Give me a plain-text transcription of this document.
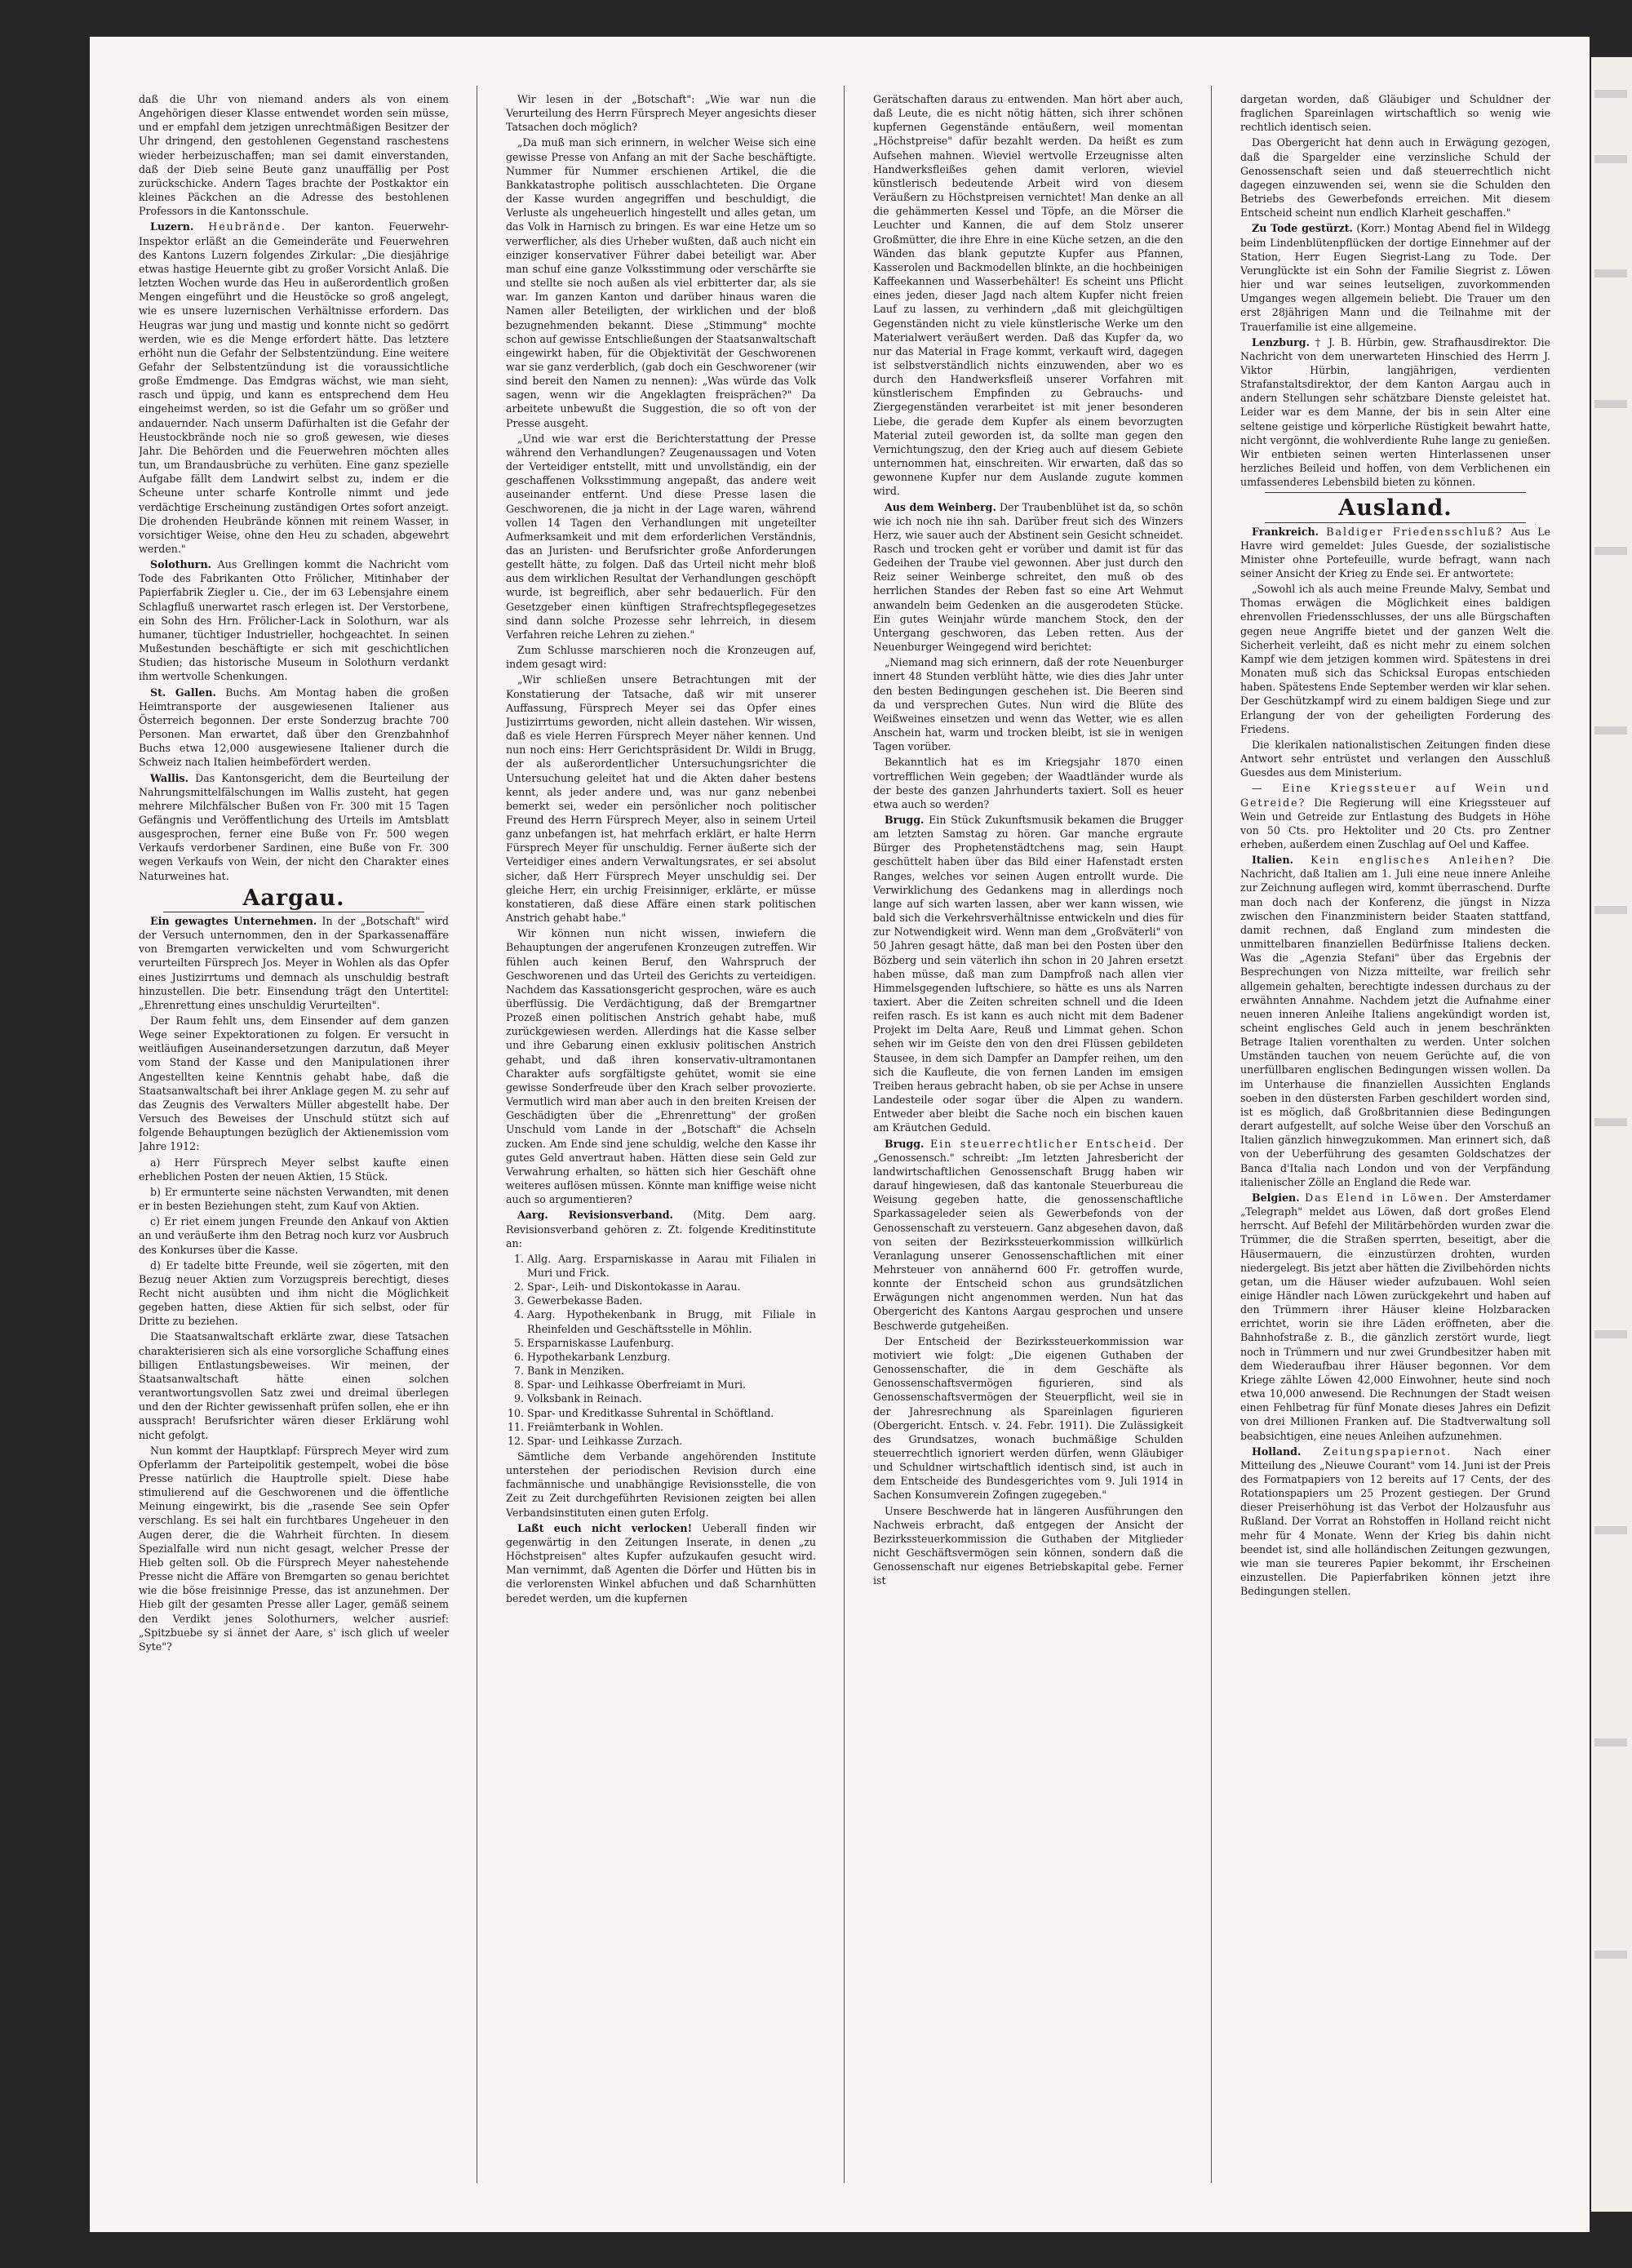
daß die Uhr von niemand anders als von einem Angehörigen dieser Klasse entwendet worden sein müsse, und er empfahl dem jetzigen unrechtmäßigen Besitzer der Uhr dringend, den gestohlenen Gegenstand raschestens wieder herbeizuschaffen; man sei damit einverstanden, daß der Dieb seine Beute ganz unauffällig per Post zurückschicke. Andern Tages brachte der Postkaktor ein kleines Päckchen an die Adresse des bestohlenen Professors in die Kantonsschule.

Luzern. Heubrände. Der kanton. Feuerwehr-Inspektor erläßt an die Gemeinderäte und Feuerwehren des Kantons Luzern folgendes Zirkular: „Die diesjährige etwas hastige Heuernte gibt zu großer Vorsicht Anlaß. Die letzten Wochen wurde das Heu in außerordentlich großen Mengen eingeführt und die Heustöcke so groß angelegt, wie es unsere luzernischen Verhältnisse erfordern. Das Heugras war jung und mastig und konnte nicht so gedörrt werden, wie es die Menge erfordert hätte. Das letztere erhöht nun die Gefahr der Selbstentzündung. Eine weitere Gefahr der Selbstentzündung ist die voraussichtliche große Emdmenge. Das Emdgras wächst, wie man sieht, rasch und üppig, und kann es entsprechend dem Heu eingeheimst werden, so ist die Gefahr um so größer und andauernder. Nach unserm Dafürhalten ist die Gefahr der Heustockbrände noch nie so groß gewesen, wie dieses Jahr. Die Behörden und die Feuerwehren möchten alles tun, um Brandausbrüche zu verhüten. Eine ganz spezielle Aufgabe fällt dem Landwirt selbst zu, indem er die Scheune unter scharfe Kontrolle nimmt und jede verdächtige Erscheinung zuständigen Ortes sofort anzeigt. Die drohenden Heubrände können mit reinem Wasser, in vorsichtiger Weise, ohne den Heu zu schaden, abgewehrt werden."

Solothurn. Aus Grellingen kommt die Nachricht vom Tode des Fabrikanten Otto Frölicher, Mitinhaber der Papierfabrik Ziegler u. Cie., der im 63 Lebensjahre einem Schlagfluß unerwartet rasch erlegen ist. Der Verstorbene, ein Sohn des Hrn. Frölicher-Lack in Solothurn, war als humaner, tüchtiger Industrieller, hochgeachtet. In seinen Mußestunden beschäftigte er sich mit geschichtlichen Studien; das historische Museum in Solothurn verdankt ihm wertvolle Schenkungen.

St. Gallen. Buchs. Am Montag haben die großen Heimtransporte der ausgewiesenen Italiener aus Österreich begonnen. Der erste Sonderzug brachte 700 Personen. Man erwartet, daß über den Grenzbahnhof Buchs etwa 12,000 ausgewiesene Italiener durch die Schweiz nach Italien heimbefördert werden.

Wallis. Das Kantonsgericht, dem die Beurteilung der Nahrungsmittelfälschungen im Wallis zusteht, hat gegen mehrere Milchfälscher Bußen von Fr. 300 mit 15 Tagen Gefängnis und Veröffentlichung des Urteils im Amtsblatt ausgesprochen, ferner eine Buße von Fr. 500 wegen Verkaufs verdorbener Sardinen, eine Buße von Fr. 300 wegen Verkaufs von Wein, der nicht den Charakter eines Naturweines hat.

Aargau.

Ein gewagtes Unternehmen. In der „Botschaft" wird der Versuch unternommen, den in der Sparkassenaffäre von Bremgarten verwickelten und vom Schwurgericht verurteilten Fürsprech Jos. Meyer in Wohlen als das Opfer eines Justizirrtums und demnach als unschuldig bestraft hinzustellen. Die betr. Einsendung trägt den Untertitel: „Ehrenrettung eines unschuldig Verurteilten".

Der Raum fehlt uns, dem Einsender auf dem ganzen Wege seiner Expektorationen zu folgen. Er versucht in weitläufigen Auseinandersetzungen darzutun, daß Meyer vom Stand der Kasse und den Manipulationen ihrer Angestellten keine Kenntnis gehabt habe, daß die Staatsanwaltschaft bei ihrer Anklage gegen M. zu sehr auf das Zeugnis des Verwalters Müller abgestellt habe. Der Versuch des Beweises der Unschuld stützt sich auf folgende Behauptungen bezüglich der Aktienemission vom Jahre 1912:

a) Herr Fürsprech Meyer selbst kaufte einen erheblichen Posten der neuen Aktien, 15 Stück.

b) Er ermunterte seine nächsten Verwandten, mit denen er in besten Beziehungen steht, zum Kauf von Aktien.

c) Er riet einem jungen Freunde den Ankauf von Aktien an und veräußerte ihm den Betrag noch kurz vor Ausbruch des Konkurses über die Kasse.

d) Er tadelte bitte Freunde, weil sie zögerten, mit den Bezug neuer Aktien zum Vorzugspreis berechtigt, dieses Recht nicht ausübten und ihm nicht die Möglichkeit gegeben hatten, diese Aktien für sich selbst, oder für Dritte zu beziehen.

Die Staatsanwaltschaft erklärte zwar, diese Tatsachen charakterisieren sich als eine vorsorgliche Schaffung eines billigen Entlastungsbeweises. Wir meinen, der Staatsanwaltschaft hätte einen solchen verantwortungsvollen Satz zwei und dreimal überlegen und den der Richter gewissenhaft prüfen sollen, ehe er ihn aussprach! Berufsrichter wären dieser Erklärung wohl nicht gefolgt.

Nun kommt der Hauptklapf: Fürsprech Meyer wird zum Opferlamm der Parteipolitik gestempelt, wobei die böse Presse natürlich die Hauptrolle spielt. Diese habe stimulierend auf die Geschworenen und die öffentliche Meinung eingewirkt, bis die „rasende See sein Opfer verschlang. Es sei halt ein furchtbares Ungeheuer in den Augen derer, die die Wahrheit fürchten. In diesem Spezialfalle wird nun nicht gesagt, welcher Presse der Hieb gelten soll. Ob die Fürsprech Meyer nahestehende Presse nicht die Affäre von Bremgarten so genau berichtet wie die böse freisinnige Presse, das ist anzunehmen. Der Hieb gilt der gesamten Presse aller Lager, gemäß seinem den Verdikt jenes Solothurners, welcher ausrief: „Spitzbuebe sy si ännet der Aare, s' isch glich uf weeler Syte"?

Wir lesen in der „Botschaft": „Wie war nun die Verurteilung des Herrn Fürsprech Meyer angesichts dieser Tatsachen doch möglich?

„Da muß man sich erinnern, in welcher Weise sich eine gewisse Presse von Anfang an mit der Sache beschäftigte. Nummer für Nummer erschienen Artikel, die die Bankkatastrophe politisch ausschlachteten. Die Organe der Kasse wurden angegriffen und beschuldigt, die Verluste als ungeheuerlich hingestellt und alles getan, um das Volk in Harnisch zu bringen. Es war eine Hetze um so verwerflicher, als dies Urheber wußten, daß auch nicht ein einziger konservativer Führer dabei beteiligt war. Aber man schuf eine ganze Volksstimmung oder verschärfte sie und stellte sie noch außen als viel erbitterter dar, als sie war. Im ganzen Kanton und darüber hinaus waren die Namen aller Beteiligten, der wirklichen und der bloß bezugnehmenden bekannt. Diese „Stimmung" mochte schon auf gewisse Entschließungen der Staatsanwaltschaft eingewirkt haben, für die Objektivität der Geschworenen war sie ganz verderblich, (gab doch ein Geschworener (wir sind bereit den Namen zu nennen): „Was würde das Volk sagen, wenn wir die Angeklagten freisprächen?" Da arbeitete unbewußt die Suggestion, die so oft von der Presse ausgeht.

„Und wie war erst die Berichterstattung der Presse während den Verhandlungen? Zeugenaussagen und Voten der Verteidiger entstellt, mitt und unvollständig, ein der geschaffenen Volksstimmung angepaßt, das andere weit auseinander entfernt. Und diese Presse lasen die Geschworenen, die ja nicht in der Lage waren, während vollen 14 Tagen den Verhandlungen mit ungeteilter Aufmerksamkeit und mit dem erforderlichen Verständnis, das an Juristen- und Berufsrichter große Anforderungen gestellt hätte, zu folgen. Daß das Urteil nicht mehr bloß aus dem wirklichen Resultat der Verhandlungen geschöpft wurde, ist begreiflich, aber sehr bedauerlich. Für den Gesetzgeber einen künftigen Strafrechtspflegegesetzes sind dann solche Prozesse sehr lehrreich, in diesem Verfahren reiche Lehren zu ziehen."

Zum Schlusse marschieren noch die Kronzeugen auf, indem gesagt wird:

„Wir schließen unsere Betrachtungen mit der Konstatierung der Tatsache, daß wir mit unserer Auffassung, Fürsprech Meyer sei das Opfer eines Justizirrtums geworden, nicht allein dastehen. Wir wissen, daß es viele Herren Fürsprech Meyer näher kennen. Und nun noch eins: Herr Gerichtspräsident Dr. Wildi in Brugg, der als außerordentlicher Untersuchungsrichter die Untersuchung geleitet hat und die Akten daher bestens kennt, als jeder andere und, was nur ganz nebenbei bemerkt sei, weder ein persönlicher noch politischer Freund des Herrn Fürsprech Meyer, also in seinem Urteil ganz unbefangen ist, hat mehrfach erklärt, er halte Herrn Fürsprech Meyer für unschuldig. Ferner äußerte sich der Verteidiger eines andern Verwaltungsrates, er sei absolut sicher, daß Herr Fürsprech Meyer unschuldig sei. Der gleiche Herr, ein urchig Freisinniger, erklärte, er müsse konstatieren, daß diese Affäre einen stark politischen Anstrich gehabt habe."

Wir können nun nicht wissen, inwiefern die Behauptungen der angerufenen Kronzeugen zutreffen. Wir fühlen auch keinen Beruf, den Wahrspruch der Geschworenen und das Urteil des Gerichts zu verteidigen. Nachdem das Kassationsgericht gesprochen, wäre es auch überflüssig. Die Verdächtigung, daß der Bremgartner Prozeß einen politischen Anstrich gehabt habe, muß zurückgewiesen werden. Allerdings hat die Kasse selber und ihre Gebarung einen exklusiv politischen Anstrich gehabt, und daß ihren konservativ-ultramontanen Charakter aufs sorgfältigste gehütet, womit sie eine gewisse Sonderfreude über den Krach selber provozierte. Vermutlich wird man aber auch in den breiten Kreisen der Geschädigten über die „Ehrenrettung" der großen Unschuld vom Lande in der „Botschaft" die Achseln zucken. Am Ende sind jene schuldig, welche den Kasse ihr gutes Geld anvertraut haben. Hätten diese sein Geld zur Verwahrung erhalten, so hätten sich hier Geschäft ohne weiteres auflösen müssen. Könnte man kniffige weise nicht auch so argumentieren?

Aarg. Revisionsverband. (Mitg. Dem aarg. Revisionsverband gehören z. Zt. folgende Kreditinstitute an:

1. Allg. Aarg. Ersparniskasse in Aarau mit Filialen in Muri und Frick.
2. Spar-, Leih- und Diskontokasse in Aarau.
3. Gewerbekasse Baden.
4. Aarg. Hypothekenbank in Brugg, mit Filiale in Rheinfelden und Geschäftsstelle in Möhlin.
5. Ersparniskasse Laufenburg.
6. Hypothekarbank Lenzburg.
7. Bank in Menziken.
8. Spar- und Leihkasse Oberfreiamt in Muri.
9. Volksbank in Reinach.
10. Spar- und Kreditkasse Suhrental in Schöftland.
11. Freiämterbank in Wohlen.
12. Spar- und Leihkasse Zurzach.

Sämtliche dem Verbande angehörenden Institute unterstehen der periodischen Revision durch eine fachmännische und unabhängige Revisionsstelle, die von Zeit zu Zeit durchgeführten Revisionen zeigten bei allen Verbandsinstituten einen guten Erfolg.

Laßt euch nicht verlocken! Ueberall finden wir gegenwärtig in den Zeitungen Inserate, in denen „zu Höchstpreisen" altes Kupfer aufzukaufen gesucht wird. Man vernimmt, daß Agenten die Dörfer und Hütten bis in die verlorensten Winkel abfuchen und daß Scharnhütten beredet werden, um die kupfernen

Gerätschaften daraus zu entwenden. Man hört aber auch, daß Leute, die es nicht nötig hätten, sich ihrer schönen kupfernen Gegenstände entäußern, weil momentan „Höchstpreise" dafür bezahlt werden. Da heißt es zum Aufsehen mahnen. Wieviel wertvolle Erzeugnisse alten Handwerksfleißes gehen damit verloren, wieviel künstlerisch bedeutende Arbeit wird von diesem Veräußern zu Höchstpreisen vernichtet! Man denke an all die gehämmerten Kessel und Töpfe, an die Mörser die Leuchter und Kannen, die auf dem Stolz unserer Großmütter, die ihre Ehre in eine Küche setzen, an die den Wänden das blank geputzte Kupfer aus Pfannen, Kasserolen und Backmodellen blinkte, an die hochbeinigen Kaffeekannen und Wasserbehälter! Es scheint uns Pflicht eines jeden, dieser Jagd nach altem Kupfer nicht freien Lauf zu lassen, zu verhindern „daß mit gleichgültigen Gegenständen nicht zu viele künstlerische Werke um den Materialwert veräußert werden. Daß das Kupfer da, wo nur das Material in Frage kommt, verkauft wird, dagegen ist selbstverständlich nichts einzuwenden, aber wo es durch den Handwerksfleiß unserer Vorfahren mit künstlerischem Empfinden zu Gebrauchs- und Ziergegenständen verarbeitet ist mit jener besonderen Liebe, die gerade dem Kupfer als einem bevorzugten Material zuteil geworden ist, da sollte man gegen den Vernichtungszug, den der Krieg auch auf diesem Gebiete unternommen hat, einschreiten. Wir erwarten, daß das so gewonnene Kupfer nur dem Auslande zugute kommen wird.

Aus dem Weinberg. Der Traubenblühet ist da, so schön wie ich noch nie ihn sah. Darüber freut sich des Winzers Herz, wie sauer auch der Abstinent sein Gesicht schneidet. Rasch und trocken geht er vorüber und damit ist für das Gedeihen der Traube viel gewonnen. Aber just durch den Reiz seiner Weinberge schreitet, den muß ob des herrlichen Standes der Reben fast so eine Art Wehmut anwandeln beim Gedenken an die ausgerodeten Stücke. Ein gutes Weinjahr würde manchem Stock, den der Untergang geschworen, das Leben retten. Aus der Neuenburger Weingegend wird berichtet:

„Niemand mag sich erinnern, daß der rote Neuenburger innert 48 Stunden verblüht hätte, wie dies dies Jahr unter den besten Bedingungen geschehen ist. Die Beeren sind da und versprechen Gutes. Nun wird die Blüte des Weißweines einsetzen und wenn das Wetter, wie es allen Anschein hat, warm und trocken bleibt, ist sie in wenigen Tagen vorüber.

Bekanntlich hat es im Kriegsjahr 1870 einen vortrefflichen Wein gegeben; der Waadtländer wurde als der beste des ganzen Jahrhunderts taxiert. Soll es heuer etwa auch so werden?

Brugg. Ein Stück Zukunftsmusik bekamen die Brugger am letzten Samstag zu hören. Gar manche ergraute Bürger des Prophetenstädtchens mag, sein Haupt geschüttelt haben über das Bild einer Hafenstadt ersten Ranges, welches vor seinen Augen entrollt wurde. Die Verwirklichung des Gedankens mag in allerdings noch lange auf sich warten lassen, aber wer kann wissen, wie bald sich die Verkehrsverhältnisse entwickeln und dies für zur Notwendigkeit wird. Wenn man dem „Großväterli" von 50 Jahren gesagt hätte, daß man bei den Posten über den Bözberg und sein väterlich ihn schon in 20 Jahren ersetzt haben müsse, daß man zum Dampfroß nach allen vier Himmelsgegenden luftschiere, so hätte es uns als Narren taxiert. Aber die Zeiten schreiten schnell und die Ideen reifen rasch. Es ist kann es auch nicht mit dem Badener Projekt im Delta Aare, Reuß und Limmat gehen. Schon sehen wir im Geiste den von den drei Flüssen gebildeten Stausee, in dem sich Dampfer an Dampfer reihen, um den sich die Kaufleute, die von fernen Landen im emsigen Treiben heraus gebracht haben, ob sie per Achse in unsere Landesteile oder sogar über die Alpen zu wandern. Entweder aber bleibt die Sache noch ein bischen kauen am Kräutchen Geduld.

Brugg. Ein steuerrechtlicher Entscheid. Der „Genossensch." schreibt: „Im letzten Jahresbericht der landwirtschaftlichen Genossenschaft Brugg haben wir darauf hingewiesen, daß das kantonale Steuerbureau die Weisung gegeben hatte, die genossenschaftliche Sparkassageleder seien als Gewerbefonds von der Genossenschaft zu versteuern. Ganz abgesehen davon, daß von seiten der Bezirkssteuerkommission willkürlich Veranlagung unserer Genossenschaftlichen mit einer Mehrsteuer von annähernd 600 Fr. getroffen wurde, konnte der Entscheid schon aus grundsätzlichen Erwägungen nicht angenommen werden. Nun hat das Obergericht des Kantons Aargau gesprochen und unsere Beschwerde gutgeheißen.

Der Entscheid der Bezirkssteuerkommission war motiviert wie folgt: „Die eigenen Guthaben der Genossenschafter, die in dem Geschäfte als Genossenschaftsvermögen figurieren, sind als Genossenschaftsvermögen der Steuerpflicht, weil sie in der Jahresrechnung als Spareinlagen figurieren (Obergericht. Entsch. v. 24. Febr. 1911). Die Zulässigkeit des Grundsatzes, wonach buchmäßige Schulden steuerrechtlich ignoriert werden dürfen, wenn Gläubiger und Schuldner wirtschaftlich identisch sind, ist auch in dem Entscheide des Bundesgerichtes vom 9. Juli 1914 in Sachen Konsumverein Zofingen zugegeben."

Unsere Beschwerde hat in längeren Ausführungen den Nachweis erbracht, daß entgegen der Ansicht der Bezirkssteuerkommission die Guthaben der Mitglieder nicht Geschäftsvermögen sein können, sondern daß die Genossenschaft nur eigenes Betriebskapital gebe. Ferner ist

dargetan worden, daß Gläubiger und Schuldner der fraglichen Spareinlagen wirtschaftlich so wenig wie rechtlich identisch seien.

Das Obergericht hat denn auch in Erwägung gezogen, daß die Spargelder eine verzinsliche Schuld der Genossenschaft seien und daß steuerrechtlich nicht dagegen einzuwenden sei, wenn sie die Schulden den Betriebs des Gewerbefonds erreichen. Mit diesem Entscheid scheint nun endlich Klarheit geschaffen."

Zu Tode gestürzt. (Korr.) Montag Abend fiel in Wildegg beim Lindenblütenpflücken der dortige Einnehmer auf der Station, Herr Eugen Siegrist-Lang zu Tode. Der Verunglückte ist ein Sohn der Familie Siegrist z. Löwen hier und war seines leutseligen, zuvorkommenden Umganges wegen allgemein beliebt. Die Trauer um den erst 28jährigen Mann und die Teilnahme mit der Trauerfamilie ist eine allgemeine.

Lenzburg. † J. B. Hürbin, gew. Strafhausdirektor. Die Nachricht von dem unerwarteten Hinschied des Herrn J. Viktor Hürbin, langjährigen, verdienten Strafanstaltsdirektor, der dem Kanton Aargau auch in andern Stellungen sehr schätzbare Dienste geleistet hat. Leider war es dem Manne, der bis in sein Alter eine seltene geistige und körperliche Rüstigkeit bewahrt hatte, nicht vergönnt, die wohlverdiente Ruhe lange zu genießen. Wir entbieten seinen werten Hinterlassenen unser herzliches Beileid und hoffen, von dem Verblichenen ein umfassenderes Lebensbild bieten zu können.

Ausland.

Frankreich. Baldiger Friedensschluß? Aus Le Havre wird gemeldet: Jules Guesde, der sozialistische Minister ohne Portefeuille, wurde befragt, wann nach seiner Ansicht der Krieg zu Ende sei. Er antwortete:

„Sowohl ich als auch meine Freunde Malvy, Sembat und Thomas erwägen die Möglichkeit eines baldigen ehrenvollen Friedensschlusses, der uns alle Bürgschaften gegen neue Angriffe bietet und der ganzen Welt die Sicherheit verleiht, daß es nicht mehr zu einem solchen Kampf wie dem jetzigen kommen wird. Spätestens in drei Monaten muß sich das Schicksal Europas entschieden haben. Spätestens Ende September werden wir klar sehen. Der Geschützkampf wird zu einem baldigen Siege und zur Erlangung der von der geheiligten Forderung des Friedens.

Die klerikalen nationalistischen Zeitungen finden diese Antwort sehr entrüstet und verlangen den Ausschluß Guesdes aus dem Ministerium.

— Eine Kriegssteuer auf Wein und Getreide? Die Regierung will eine Kriegssteuer auf Wein und Getreide zur Entlastung des Budgets in Höhe von 50 Cts. pro Hektoliter und 20 Cts. pro Zentner erheben, außerdem einen Zuschlag auf Oel und Kaffee.

Italien. Kein englisches Anleihen? Die Nachricht, daß Italien am 1. Juli eine neue innere Anleihe zur Zeichnung auflegen wird, kommt überraschend. Durfte man doch nach der Konferenz, die jüngst in Nizza zwischen den Finanzministern beider Staaten stattfand, damit rechnen, daß England zum mindesten die unmittelbaren finanziellen Bedürfnisse Italiens decken. Was die „Agenzia Stefani" über das Ergebnis der Besprechungen von Nizza mitteilte, war freilich sehr allgemein gehalten, berechtigte indessen durchaus zu der erwähnten Annahme. Nachdem jetzt die Aufnahme einer neuen inneren Anleihe Italiens angekündigt worden ist, scheint englisches Geld auch in jenem beschränkten Betrage Italien vorenthalten zu werden. Unter solchen Umständen tauchen von neuem Gerüchte auf, die von unerfüllbaren englischen Bedingungen wissen wollen. Da im Unterhause die finanziellen Aussichten Englands soeben in den düstersten Farben geschildert worden sind, ist es möglich, daß Großbritannien diese Bedingungen derart aufgestellt, auf solche Weise über den Vorschuß an Italien gänzlich hinwegzukommen. Man erinnert sich, daß von der Ueberführung des gesamten Goldschatzes der Banca d'Italia nach London und von der Verpfändung italienischer Zölle an England die Rede war.

Belgien. Das Elend in Löwen. Der Amsterdamer „Telegraph" meldet aus Löwen, daß dort großes Elend herrscht. Auf Befehl der Militärbehörden wurden zwar die Trümmer, die die Straßen sperrten, beseitigt, aber die Häusermauern, die einzustürzen drohten, wurden niedergelegt. Bis jetzt aber hätten die Zivilbehörden nichts getan, um die Häuser wieder aufzubauen. Wohl seien einige Händler nach Löwen zurückgekehrt und haben auf den Trümmern ihrer Häuser kleine Holzbaracken errichtet, worin sie ihre Läden eröffneten, aber die Bahnhofstraße z. B., die gänzlich zerstört wurde, liegt noch in Trümmern und nur zwei Grundbesitzer haben mit dem Wiederaufbau ihrer Häuser begonnen. Vor dem Kriege zählte Löwen 42,000 Einwohner, heute sind noch etwa 10,000 anwesend. Die Rechnungen der Stadt weisen einen Fehlbetrag für fünf Monate dieses Jahres ein Defizit von drei Millionen Franken auf. Die Stadtverwaltung soll beabsichtigen, eine neues Anleihen aufzunehmen.

Holland. Zeitungspapiernot. Nach einer Mitteilung des „Nieuwe Courant" vom 14. Juni ist der Preis des Formatpapiers von 12 bereits auf 17 Cents, der des Rotationspapiers um 25 Prozent gestiegen. Der Grund dieser Preiserhöhung ist das Verbot der Holzausfuhr aus Rußland. Der Vorrat an Rohstoffen in Holland reicht nicht mehr für 4 Monate. Wenn der Krieg bis dahin nicht beendet ist, sind alle holländischen Zeitungen gezwungen, wie man sie teureres Papier bekommt, ihr Erscheinen einzustellen. Die Papierfabriken können jetzt ihre Bedingungen stellen.
